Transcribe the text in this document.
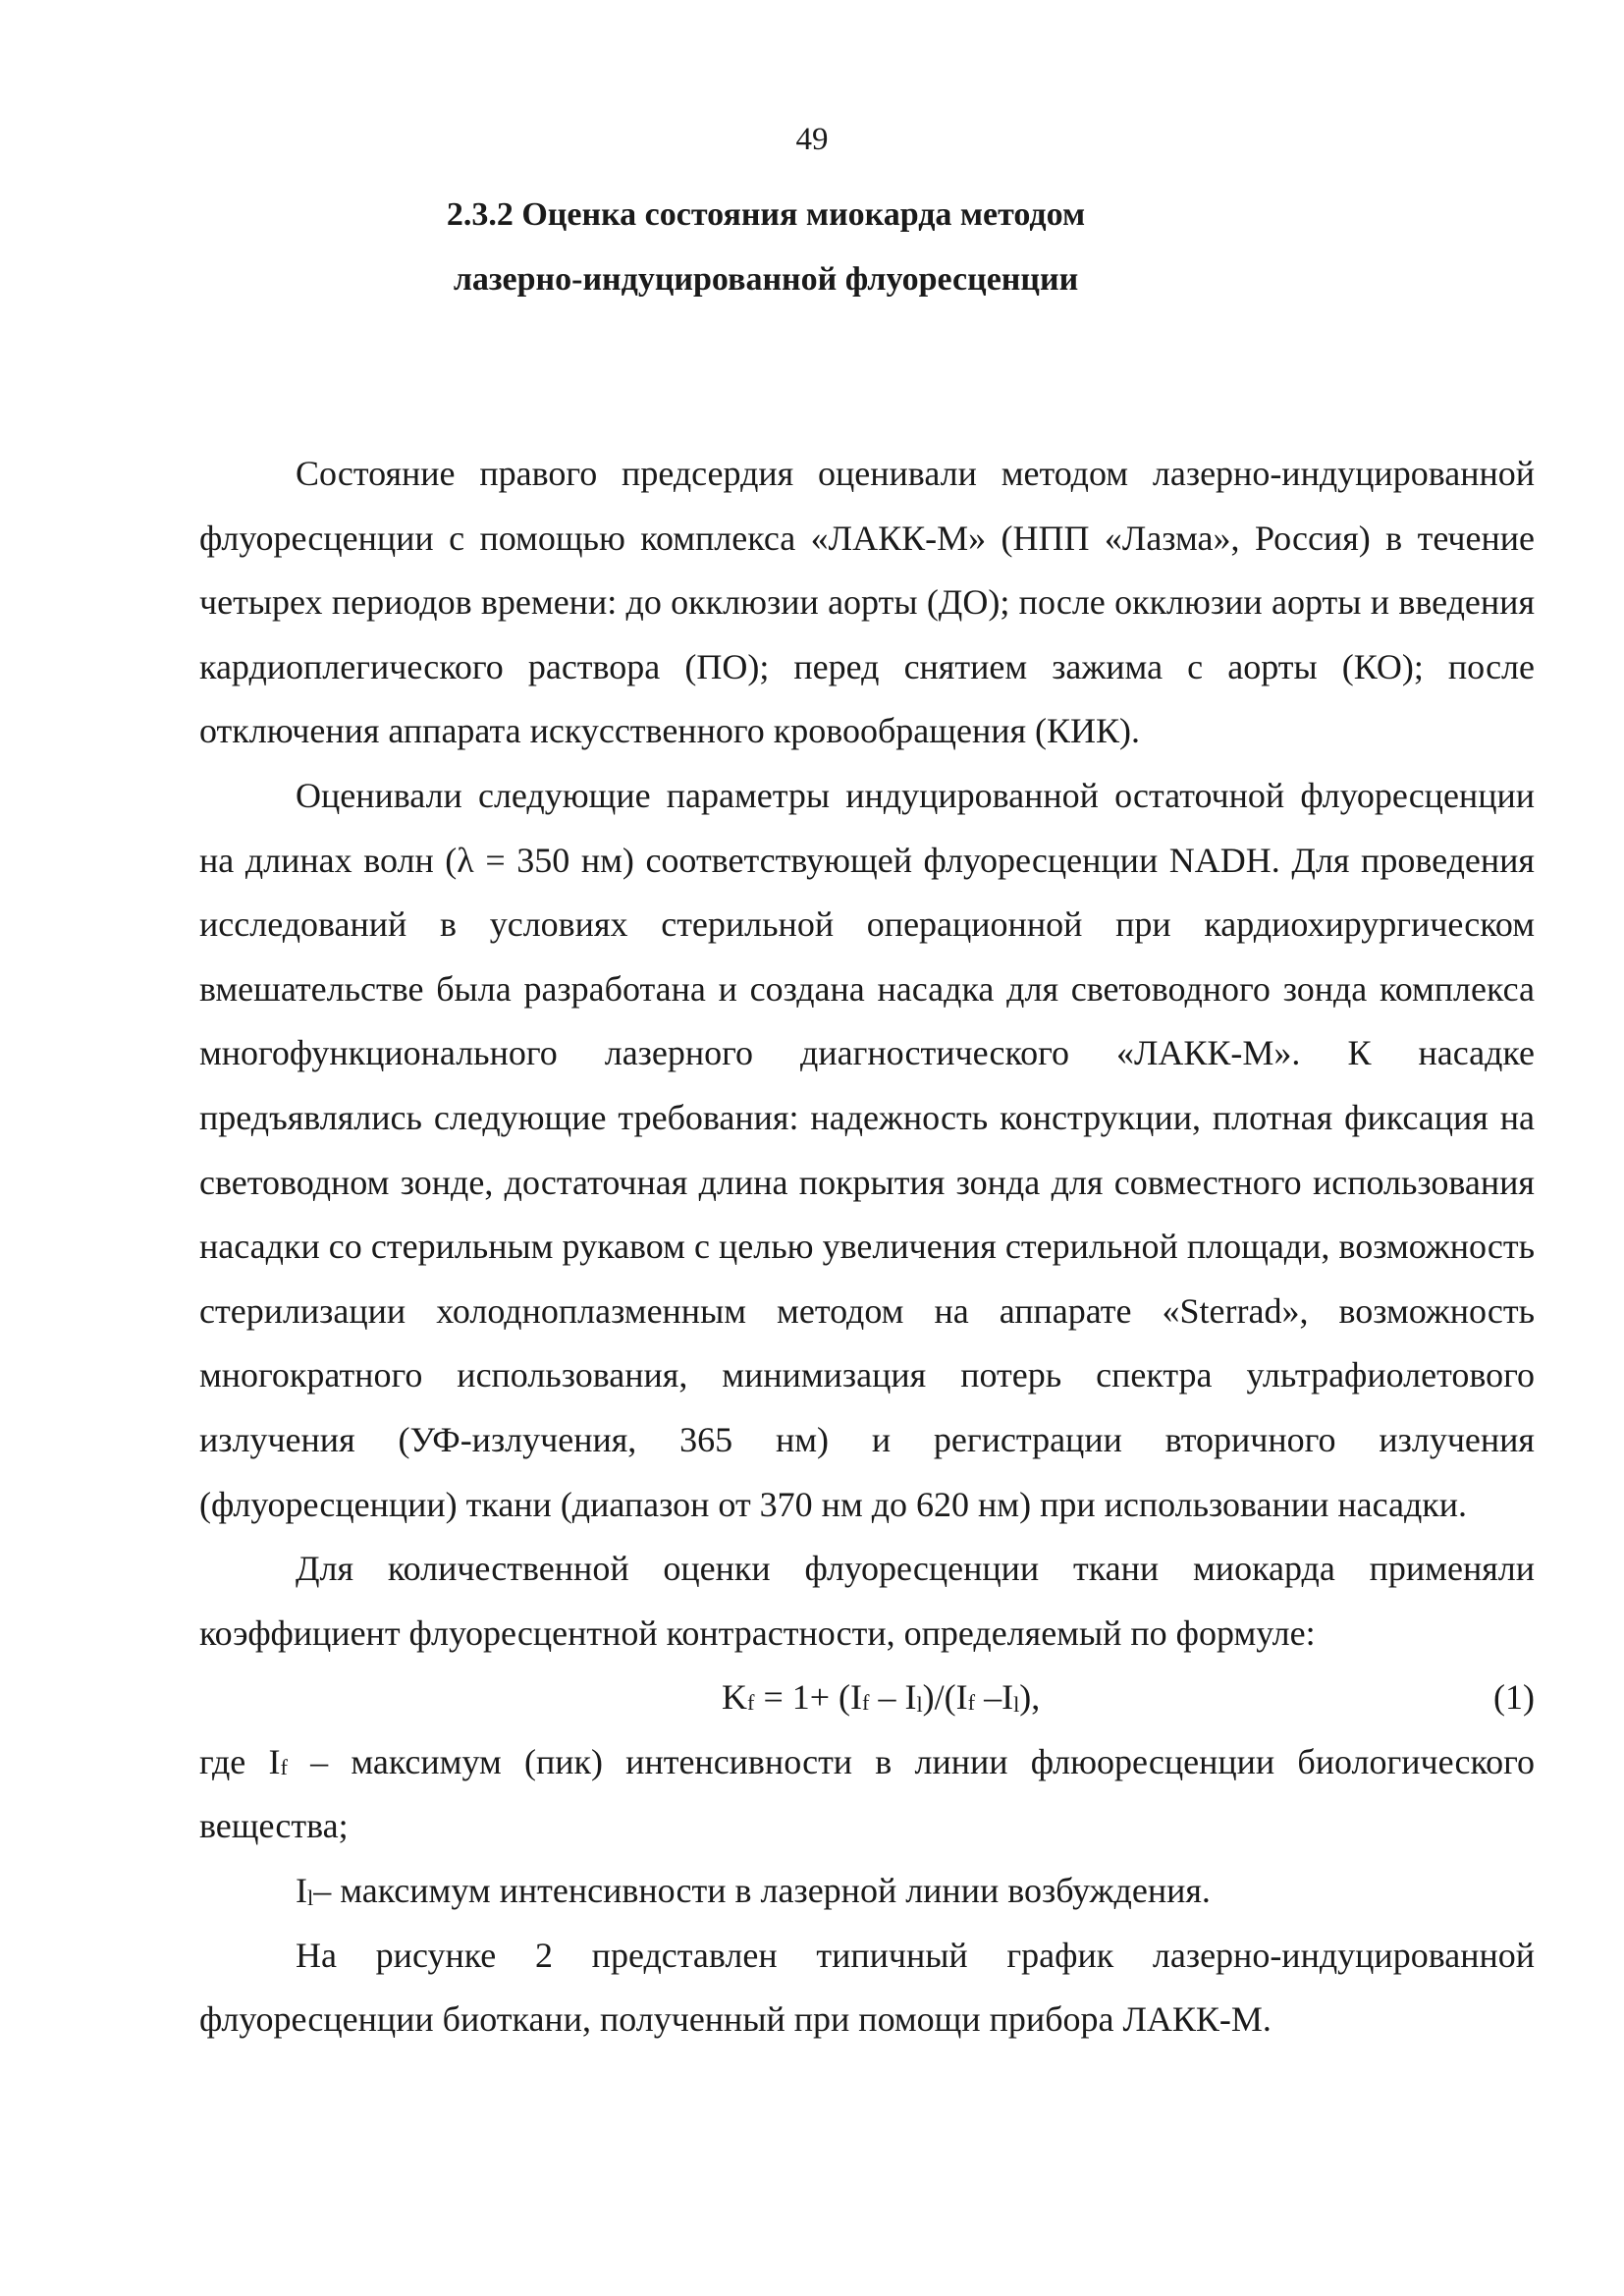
49
2.3.2 Оценка состояния миокарда методом
лазерно-индуцированной флуоресценции

Состояние правого предсердия оценивали методом лазерно-индуцированной флуоресценции с помощью комплекса «ЛАКК-М» (НПП «Лазма», Россия) в течение четырех периодов времени: до окклюзии аорты (ДО); после окклюзии аорты и введения кардиоплегического раствора (ПО); перед снятием зажима с аорты (КО); после отключения аппарата искусственного кровообращения (КИК).

Оценивали следующие параметры индуцированной остаточной флуоресценции на длинах волн (λ = 350 нм) соответствующей флуоресценции NADH. Для проведения исследований в условиях стерильной операционной при кардиохирургическом вмешательстве была разработана и создана насадка для световодного зонда комплекса многофункционального лазерного диагностического «ЛАКК-М». К насадке предъявлялись следующие требования: надежность конструкции, плотная фиксация на световодном зонде, достаточная длина покрытия зонда для совместного использования насадки со стерильным рукавом с целью увеличения стерильной площади, возможность стерилизации холодноплазменным методом на аппарате «Sterrad», возможность многократного использования, минимизация потерь спектра ультрафиолетового излучения (УФ-излучения, 365 нм) и регистрации вторичного излучения (флуоресценции) ткани (диапазон от 370 нм до 620 нм) при использовании насадки.

Для количественной оценки флуоресценции ткани миокарда применяли коэффициент флуоресцентной контрастности, определяемый по формуле:

$K_f = 1+ (I_f - I_l)/(I_f$ $-I_l$),	(1)

где $I_f$ – максимум (пик) интенсивности в линии флюоресценции биологического вещества;

$I_l-$ максимум интенсивности в лазерной линии возбуждения.

На рисунке 2 представлен типичный график лазерно-индуцированной флуоресценции биоткани, полученный при помощи прибора ЛАКК-М.
